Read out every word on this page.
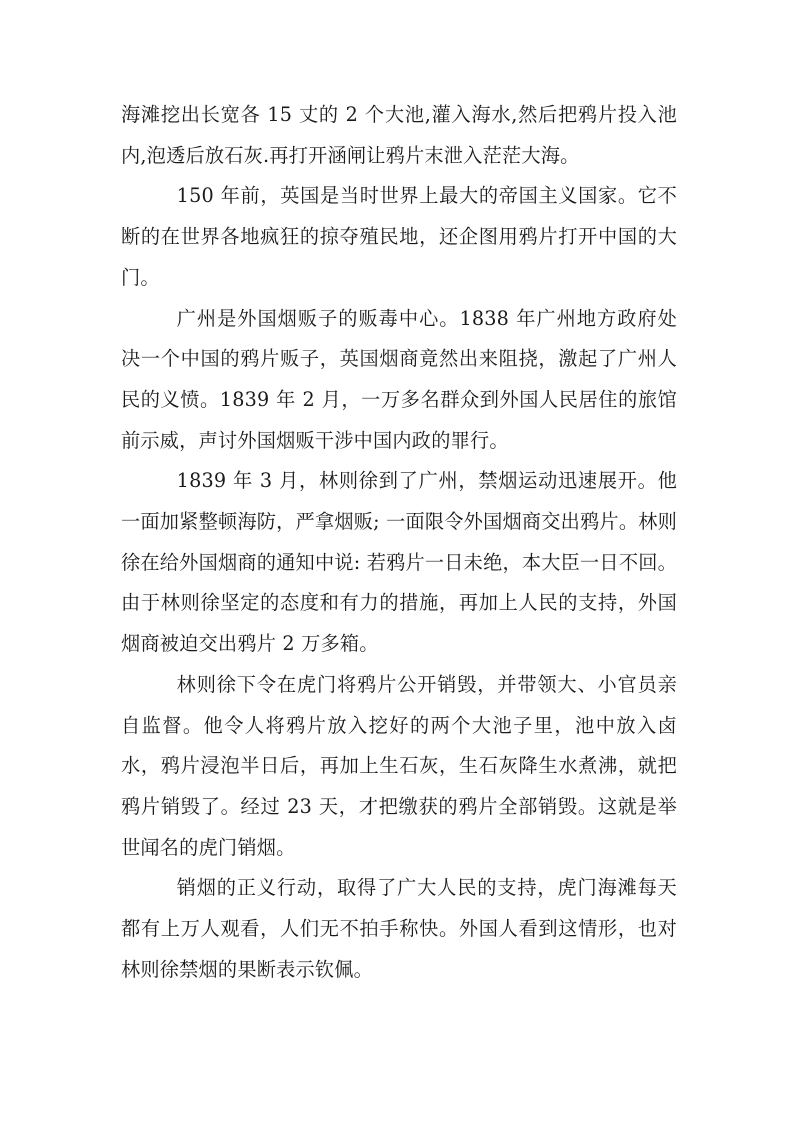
海滩挖出长宽各 15 丈的 2 个大池,灌入海水,然后把鸦片投入池内,泡透后放石灰.再打开涵闸让鸦片末泄入茫茫大海。

150 年前，英国是当时世界上最大的帝国主义国家。它不断的在世界各地疯狂的掠夺殖民地，还企图用鸦片打开中国的大门。

广州是外国烟贩子的贩毒中心。1838 年广州地方政府处决一个中国的鸦片贩子，英国烟商竟然出来阻挠，激起了广州人民的义愤。1839 年 2 月，一万多名群众到外国人民居住的旅馆前示威，声讨外国烟贩干涉中国内政的罪行。

1839 年 3 月，林则徐到了广州，禁烟运动迅速展开。他一面加紧整顿海防，严拿烟贩; 一面限令外国烟商交出鸦片。林则徐在给外国烟商的通知中说: 若鸦片一日未绝，本大臣一日不回。由于林则徐坚定的态度和有力的措施，再加上人民的支持，外国烟商被迫交出鸦片 2 万多箱。

林则徐下令在虎门将鸦片公开销毁，并带领大、小官员亲自监督。他令人将鸦片放入挖好的两个大池子里，池中放入卤水，鸦片浸泡半日后，再加上生石灰，生石灰降生水煮沸，就把鸦片销毁了。经过 23 天，才把缴获的鸦片全部销毁。这就是举世闻名的虎门销烟。

销烟的正义行动，取得了广大人民的支持，虎门海滩每天都有上万人观看，人们无不拍手称快。外国人看到这情形，也对林则徐禁烟的果断表示钦佩。
